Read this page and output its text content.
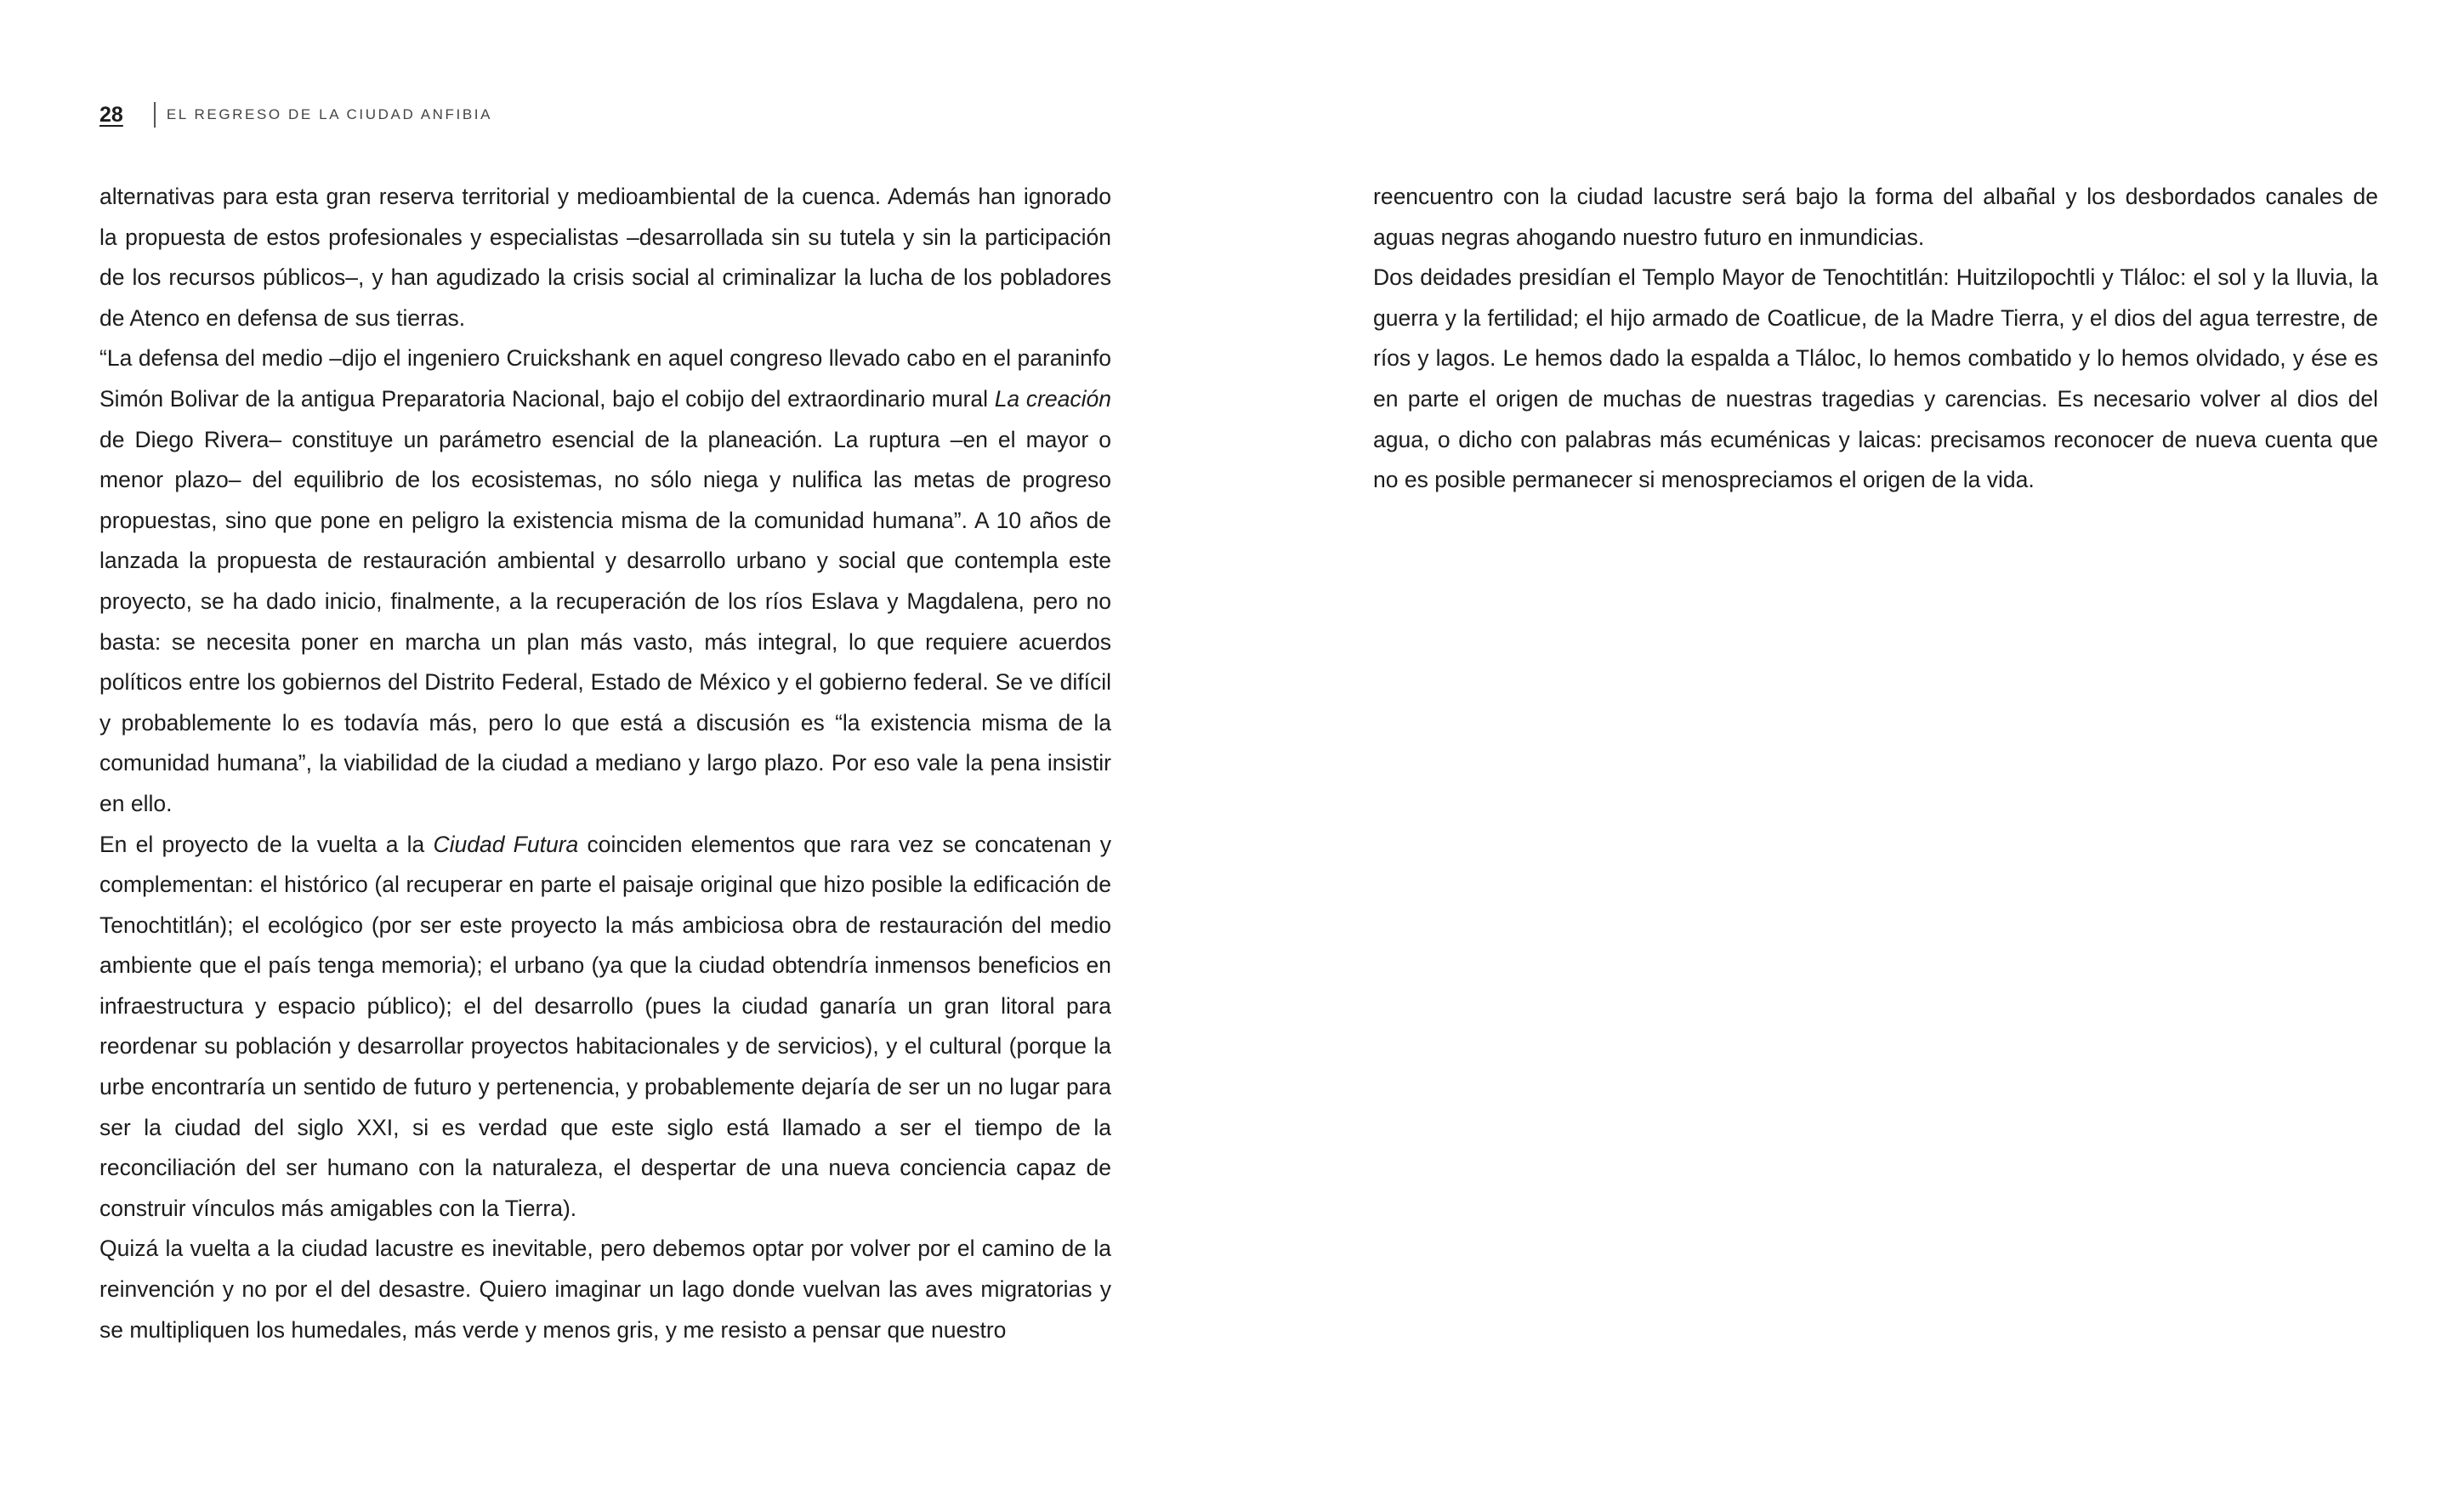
28	EL REGRESO DE LA CIUDAD ANFIBIA

alternativas para esta gran reserva territorial y medioambiental de la cuenca. Además han ignorado la propuesta de estos profesionales y especialistas –desarrollada sin su tutela y sin la participación de los recursos públicos–, y han agudizado la crisis social al criminalizar la lucha de los pobladores de Atenco en defensa de sus tierras.

“La defensa del medio –dijo el ingeniero Cruickshank en aquel congreso llevado cabo en el paraninfo Simón Bolivar de la antigua Preparatoria Nacional, bajo el cobijo del extraordinario mural La creación de Diego Rivera– constituye un parámetro esencial de la planeación. La ruptura –en el mayor o menor plazo– del equilibrio de los ecosistemas, no sólo niega y nulifica las metas de progreso propuestas, sino que pone en peligro la existencia misma de la comunidad humana”. A 10 años de lanzada la propuesta de restauración ambiental y desarrollo urbano y social que contempla este proyecto, se ha dado inicio, finalmente, a la recuperación de los ríos Eslava y Magdalena, pero no basta: se necesita poner en marcha un plan más vasto, más integral, lo que requiere acuerdos políticos entre los gobiernos del Distrito Federal, Estado de México y el gobierno federal. Se ve difícil y probablemente lo es todavía más, pero lo que está a discusión es “la existencia misma de la comunidad humana”, la viabilidad de la ciudad a mediano y largo plazo. Por eso vale la pena insistir en ello.

En el proyecto de la vuelta a la Ciudad Futura coinciden elementos que rara vez se concatenan y complementan: el histórico (al recuperar en parte el paisaje original que hizo posible la edificación de Tenochtitlán); el ecológico (por ser este proyecto la más ambiciosa obra de restauración del medio ambiente que el país tenga memoria); el urbano (ya que la ciudad obtendría inmensos beneficios en infraestructura y espacio público); el del desarrollo (pues la ciudad ganaría un gran litoral para reordenar su población y desarrollar proyectos habitacionales y de servicios), y el cultural (porque la urbe encontraría un sentido de futuro y pertenencia, y probablemente dejaría de ser un no lugar para ser la ciudad del siglo XXI, si es verdad que este siglo está llamado a ser el tiempo de la reconciliación del ser humano con la naturaleza, el despertar de una nueva conciencia capaz de construir vínculos más amigables con la Tierra).

Quizá la vuelta a la ciudad lacustre es inevitable, pero debemos optar por volver por el camino de la reinvención y no por el del desastre. Quiero imaginar un lago donde vuelvan las aves migratorias y se multipliquen los humedales, más verde y menos gris, y me resisto a pensar que nuestro

reencuentro con la ciudad lacustre será bajo la forma del albañal y los desbordados canales de aguas negras ahogando nuestro futuro en inmundicias.

Dos deidades presidían el Templo Mayor de Tenochtitlán: Huitzilopochtli y Tláloc: el sol y la lluvia, la guerra y la fertilidad; el hijo armado de Coatlicue, de la Madre Tierra, y el dios del agua terrestre, de ríos y lagos. Le hemos dado la espalda a Tláloc, lo hemos combatido y lo hemos olvidado, y ése es en parte el origen de muchas de nuestras tragedias y carencias. Es necesario volver al dios del agua, o dicho con palabras más ecuménicas y laicas: precisamos reconocer de nueva cuenta que no es posible permanecer si menospreciamos el origen de la vida.
